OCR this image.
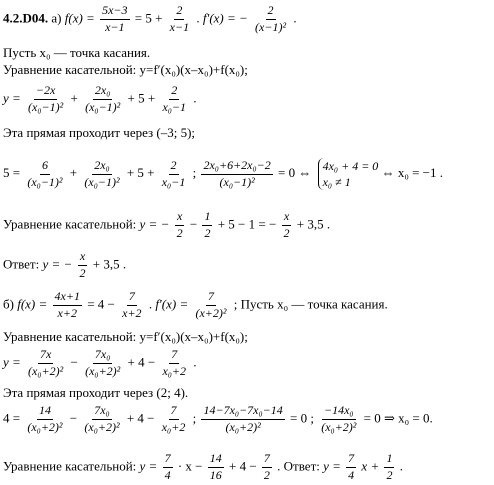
4.2.D04. а) $f(x) = \frac{5x-3}{x-1} = 5 + \frac{2}{x-1}$ . f′(x) = − $\frac{2}{\text{(x−1)²}}$ .
Пусть x₀ — точка касания.
Уравнение касательной: y=f′(x₀)(x–x₀)+f(x₀);
$y = \frac{-2x}{\text{(x₀−1)²}} + \frac{\text{2x₀}}{\text{(x₀−1)²}} + 5 + \frac{2}{\text{x₀−1}}$ .
Эта прямая проходит через (–3; 5);
$5 = \frac{6}{\text{(x₀−1)²}} + \frac{\text{2x₀}}{\text{(x₀−1)²}} + 5 + \frac{2}{\text{x₀−1}}$ ; $\frac{\text{2x₀+6+2x₀−2}}{\text{(x₀−1)²}} = 0$ ⇔ 4x₀ + 4 = 0
x₀ ≠ 1
⇔ x₀ = −1 .
Уравнение касательной: y = − $\frac{x}{2} - \frac{1}{2} + 5 - 1$ = − $\frac{x}{2} + 3,5$ .
Ответ: y = − $\frac{x}{2} + 3,5$ .
б) $f(x) = \frac{4x+1}{x+2} = 4 - \frac{7}{x+2}$ . $f'(x) = \frac{7}{\text{(x+2)²}}$ ; Пусть x₀ — точка касания.
Уравнение касательной: y=f′(x₀)(x–x₀)+f(x₀);
$y = \frac{7x}{\text{(x₀+2)²}} - \frac{\text{7x₀}}{\text{(x₀+2)²}} + 4 - \frac{7}{\text{x₀+2}}$ .
Эта прямая проходит через (2; 4).
$4 = \frac{14}{\text{(x₀+2)²}} - \frac{\text{7x₀}}{\text{(x₀+2)²}} + 4 - \frac{7}{\text{x₀+2}}$ ; $\frac{\text{14−7x₀−7x₀−14}}{\text{(x₀+2)²}} = 0$ ; $\frac{\text{−14x₀}}{\text{(x₀+2)²}} = 0$ ⇒ x₀ = 0.
Уравнение касательной: $y = \frac{7}{4} \cdot x - \frac{14}{16} + 4 - \frac{7}{2}$ . Ответ: $y = \frac{7}{4}$ $x + \frac{1}{2}$ .
